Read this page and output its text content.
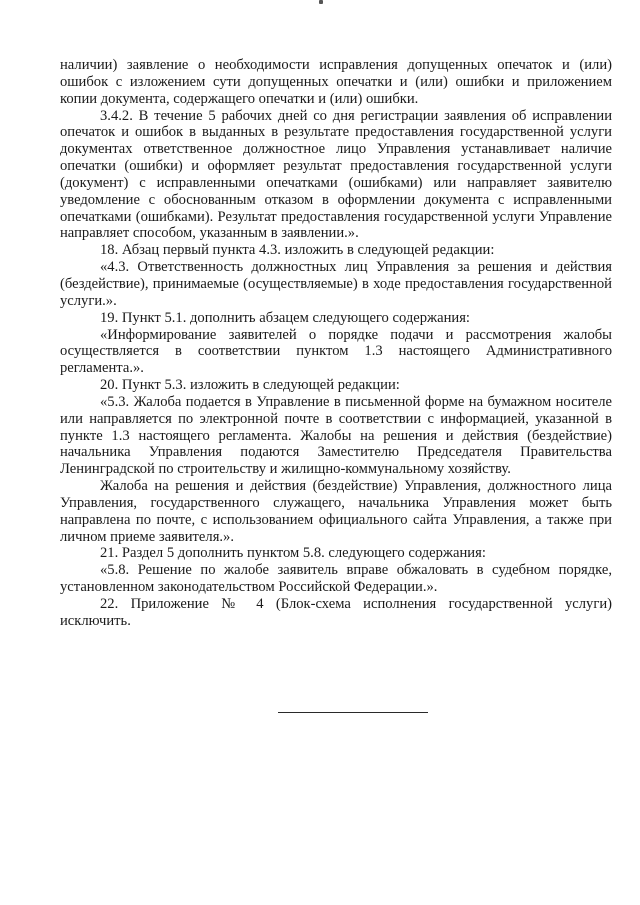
наличии) заявление о необходимости исправления допущенных опечаток и (или) ошибок с изложением сути допущенных опечатки и (или) ошибки и приложением копии документа, содержащего опечатки и (или) ошибки.

3.4.2. В течение 5 рабочих дней со дня регистрации заявления об исправлении опечаток и ошибок в выданных в результате предоставления государственной услуги документах ответственное должностное лицо Управления устанавливает наличие опечатки (ошибки) и оформляет результат предоставления государственной услуги (документ) с исправленными опечатками (ошибками) или направляет заявителю уведомление с обоснованным отказом в оформлении документа с исправленными опечатками (ошибками). Результат предоставления государственной услуги Управление направляет способом, указанным в заявлении.».

18. Абзац первый пункта 4.3. изложить в следующей редакции:

«4.3. Ответственность должностных лиц Управления за решения и действия (бездействие), принимаемые (осуществляемые) в ходе предоставления государственной услуги.».

19. Пункт 5.1. дополнить абзацем следующего содержания:

«Информирование заявителей о порядке подачи и рассмотрения жалобы осуществляется в соответствии пунктом 1.3 настоящего Административного регламента.».

20. Пункт 5.3. изложить в следующей редакции:

«5.3. Жалоба подается в Управление в письменной форме на бумажном носителе или направляется по электронной почте в соответствии с информацией, указанной в пункте 1.3 настоящего регламента. Жалобы на решения и действия (бездействие) начальника Управления подаются Заместителю Председателя Правительства Ленинградской по строительству и жилищно-коммунальному хозяйству.

Жалоба на решения и действия (бездействие) Управления, должностного лица Управления, государственного служащего, начальника Управления может быть направлена по почте, с использованием официального сайта Управления, а также при личном приеме заявителя.».

21. Раздел 5 дополнить пунктом 5.8. следующего содержания:

«5.8. Решение по жалобе заявитель вправе обжаловать в судебном порядке, установленном законодательством Российской Федерации.».

22. Приложение № 4 (Блок-схема исполнения государственной услуги) исключить.
